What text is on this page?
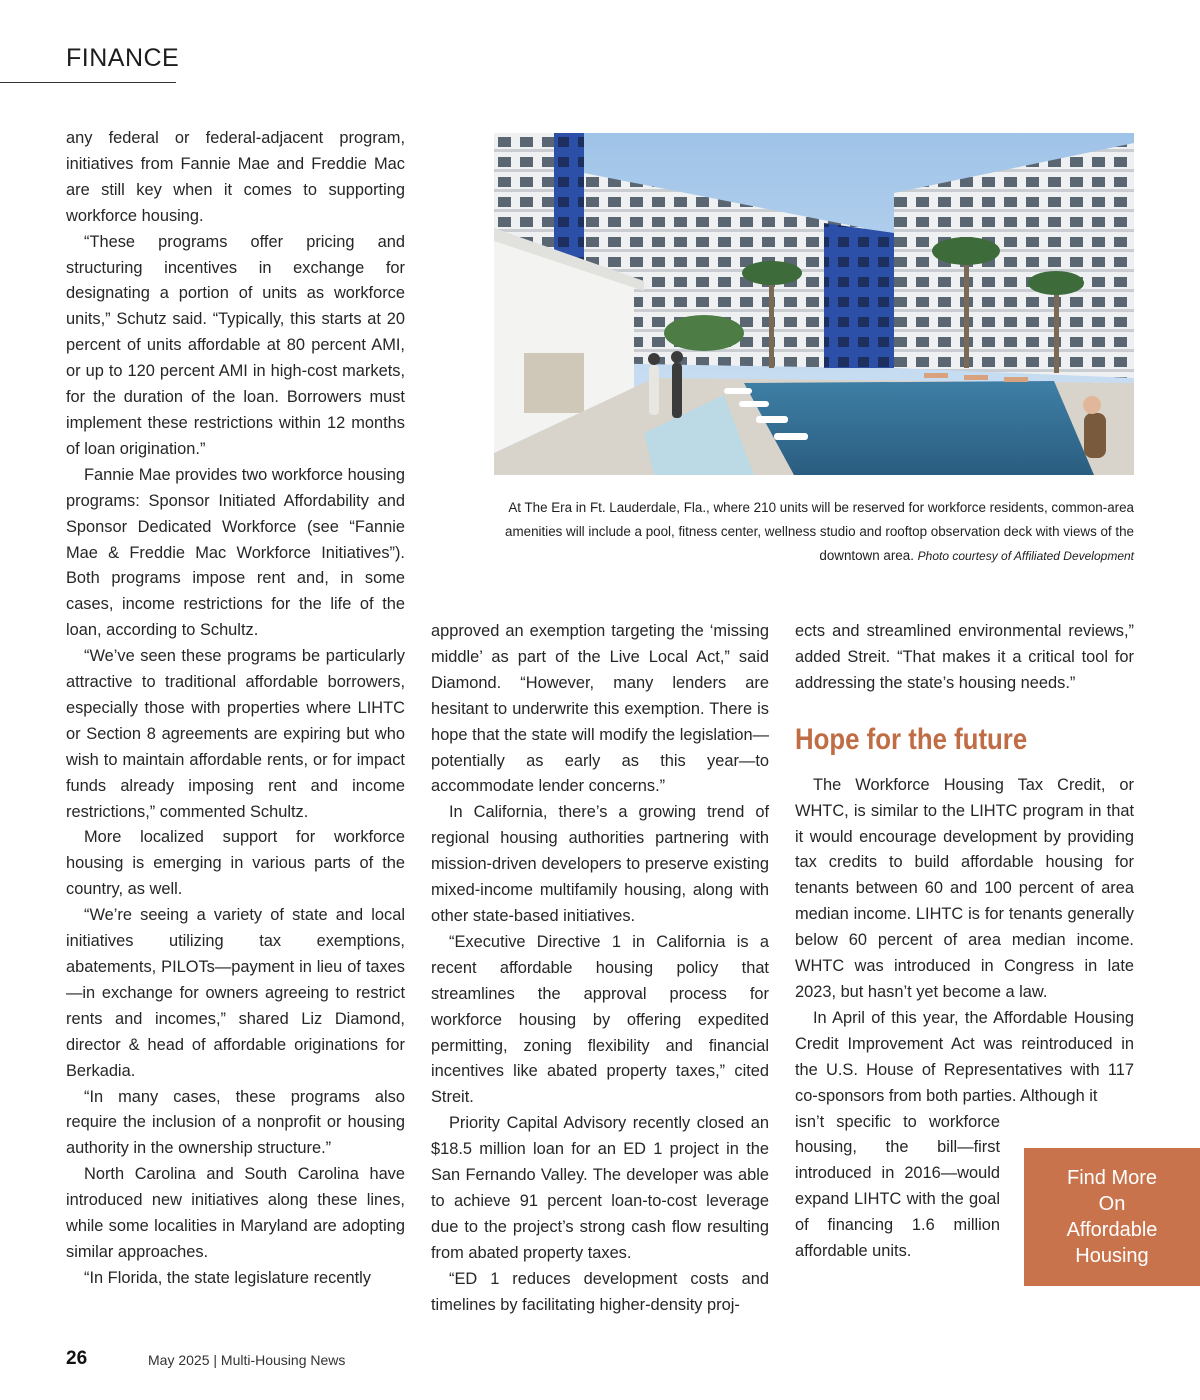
FINANCE

any federal or federal-adjacent program, initiatives from Fannie Mae and Freddie Mac are still key when it comes to supporting workforce housing.

“These programs offer pricing and structuring incentives in exchange for designating a portion of units as workforce units,” Schutz said. “Typically, this starts at 20 percent of units affordable at 80 percent AMI, or up to 120 percent AMI in high-cost markets, for the duration of the loan. Borrowers must implement these restrictions within 12 months of loan origination.”

Fannie Mae provides two workforce housing programs: Sponsor Initiated Affordability and Sponsor Dedicated Workforce (see “Fannie Mae & Freddie Mac Workforce Initiatives”). Both programs impose rent and, in some cases, income restrictions for the life of the loan, according to Schultz.

“We’ve seen these programs be particularly attractive to traditional affordable borrowers, especially those with properties where LIHTC or Section 8 agreements are expiring but who wish to maintain affordable rents, or for impact funds already imposing rent and income restrictions,” commented Schultz.

More localized support for workforce housing is emerging in various parts of the country, as well.

“We’re seeing a variety of state and local initiatives utilizing tax exemptions, abatements, PILOTs—payment in lieu of taxes—in exchange for owners agreeing to restrict rents and incomes,” shared Liz Diamond, director & head of affordable originations for Berkadia.

“In many cases, these programs also require the inclusion of a nonprofit or housing authority in the ownership structure.”

North Carolina and South Carolina have introduced new initiatives along these lines, while some localities in Maryland are adopting similar approaches.

“In Florida, the state legislature recently

At The Era in Ft. Lauderdale, Fla., where 210 units will be reserved for workforce residents, common-area amenities will include a pool, fitness center, wellness studio and rooftop observation deck with views of the downtown area. Photo courtesy of Affiliated Development

approved an exemption targeting the ‘missing middle’ as part of the Live Local Act,” said Diamond. “However, many lenders are hesitant to underwrite this exemption. There is hope that the state will modify the legislation—potentially as early as this year—to accommodate lender concerns.”

In California, there’s a growing trend of regional housing authorities partnering with mission-driven developers to preserve existing mixed-income multifamily housing, along with other state-based initiatives.

“Executive Directive 1 in California is a recent affordable housing policy that streamlines the approval process for workforce housing by offering expedited permitting, zoning flexibility and financial incentives like abated property taxes,” cited Streit.

Priority Capital Advisory recently closed an $18.5 million loan for an ED 1 project in the San Fernando Valley. The developer was able to achieve 91 percent loan-to-cost leverage due to the project’s strong cash flow resulting from abated property taxes.

“ED 1 reduces development costs and timelines by facilitating higher-density proj-

ects and streamlined environmental reviews,” added Streit. “That makes it a critical tool for addressing the state’s housing needs.”

Hope for the future

The Workforce Housing Tax Credit, or WHTC, is similar to the LIHTC program in that it would encourage development by providing tax credits to build affordable housing for tenants between 60 and 100 percent of area median income. LIHTC is for tenants generally below 60 percent of area median income. WHTC was introduced in Congress in late 2023, but hasn’t yet become a law.

In April of this year, the Affordable Housing Credit Improvement Act was reintroduced in the U.S. House of Representatives with 117 co-sponsors from both parties. Although it

isn’t specific to workforce housing, the bill—first introduced in 2016—would expand LIHTC with the goal of financing 1.6 million affordable units.

Find More On Affordable Housing
26	May 2025 | Multi-Housing News
